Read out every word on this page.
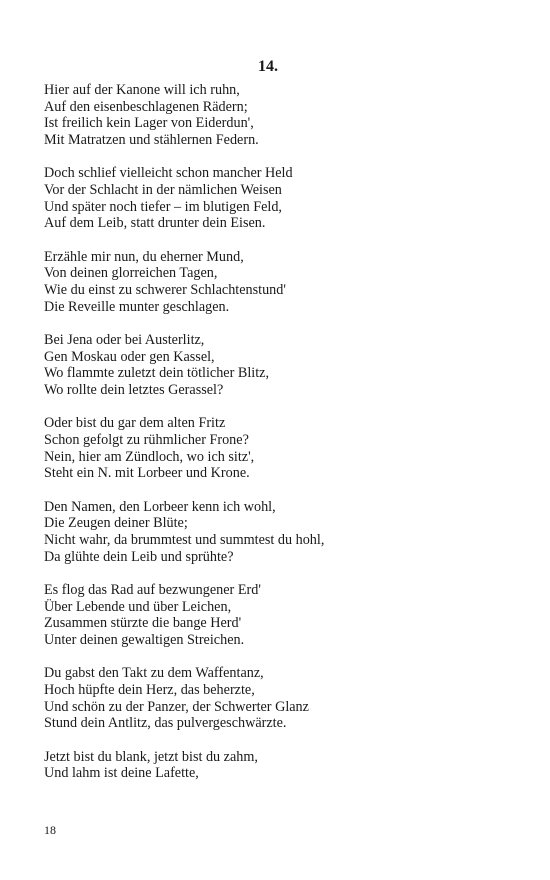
14.
Hier auf der Kanone will ich ruhn,
Auf den eisenbeschlagenen Rädern;
Ist freilich kein Lager von Eiderdun',
Mit Matratzen und stählernen Federn.
Doch schlief vielleicht schon mancher Held
Vor der Schlacht in der nämlichen Weisen
Und später noch tiefer – im blutigen Feld,
Auf dem Leib, statt drunter dein Eisen.
Erzähle mir nun, du eherner Mund,
Von deinen glorreichen Tagen,
Wie du einst zu schwerer Schlachtenstund'
Die Reveille munter geschlagen.
Bei Jena oder bei Austerlitz,
Gen Moskau oder gen Kassel,
Wo flammte zuletzt dein tötlicher Blitz,
Wo rollte dein letztes Gerassel?
Oder bist du gar dem alten Fritz
Schon gefolgt zu rühmlicher Frone?
Nein, hier am Zündloch, wo ich sitz',
Steht ein N. mit Lorbeer und Krone.
Den Namen, den Lorbeer kenn ich wohl,
Die Zeugen deiner Blüte;
Nicht wahr, da brummtest und summtest du hohl,
Da glühte dein Leib und sprühte?
Es flog das Rad auf bezwungener Erd'
Über Lebende und über Leichen,
Zusammen stürzte die bange Herd'
Unter deinen gewaltigen Streichen.
Du gabst den Takt zu dem Waffentanz,
Hoch hüpfte dein Herz, das beherzte,
Und schön zu der Panzer, der Schwerter Glanz
Stund dein Antlitz, das pulvergeschwärzte.
Jetzt bist du blank, jetzt bist du zahm,
Und lahm ist deine Lafette,
18
